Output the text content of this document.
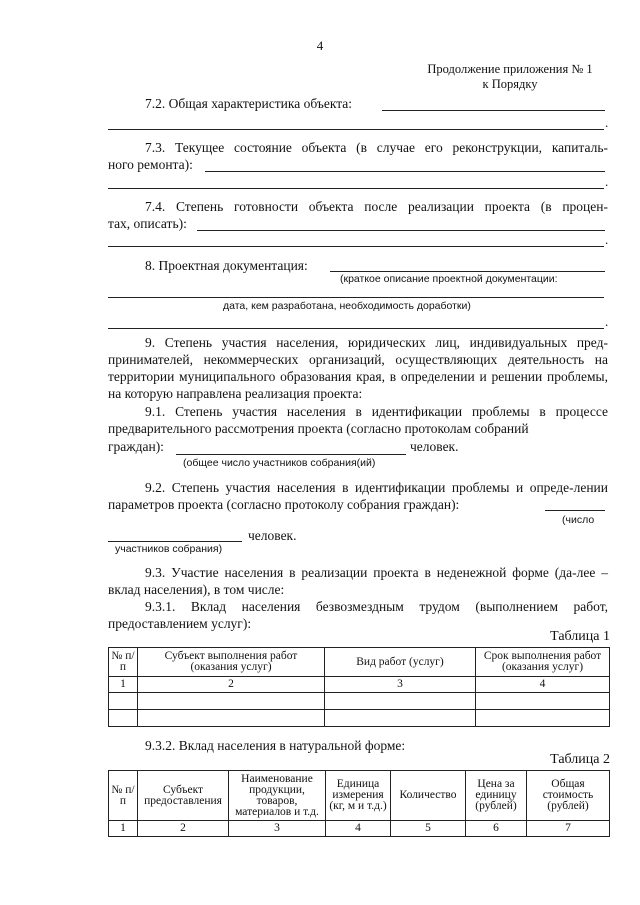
4
Продолжение приложения № 1
к Порядку
7.2. Общая характеристика объекта:
.
7.3. Текущее состояние объекта (в случае его реконструкции, капиталь-
ного ремонта):
.
7.4. Степень готовности объекта после реализации проекта (в процен-
тах, описать):
.
8. Проектная документация:
(краткое описание проектной документации:
дата, кем разработана, необходимость доработки)
.
9. Степень участия населения, юридических лиц, индивидуальных пред-принимателей, некоммерческих организаций, осуществляющих деятельность на территории муниципального образования края, в определении и решении проблемы, на которую направлена реализация проекта:
9.1. Степень участия населения в идентификации проблемы в процессе предварительного рассмотрения проекта (согласно протоколам собраний
граждан):	человек.
(общее число участников собрания(ий)
9.2. Степень участия населения в идентификации проблемы и опреде-лении параметров проекта (согласно протоколу собрания граждан):
(число
человек.
участников собрания)
9.3. Участие населения в реализации проекта в неденежной форме (да-лее – вклад населения), в том числе:
9.3.1. Вклад населения безвозмездным трудом (выполнением работ, предоставлением услуг):
Таблица 1
№ п/п	Субъект выполнения работ (оказания услуг)	Вид работ (услуг)	Срок выполнения работ (оказания услуг)
1	2	3	4

9.3.2. Вклад населения в натуральной форме:
Таблица 2
№ п/п	Субъект предоставления	Наименование продукции, товаров, материалов и т.д.	Единица измерения (кг, м и т.д.)	Количество	Цена за единицу (рублей)	Общая стоимость (рублей)
1	2	3	4	5	6	7
